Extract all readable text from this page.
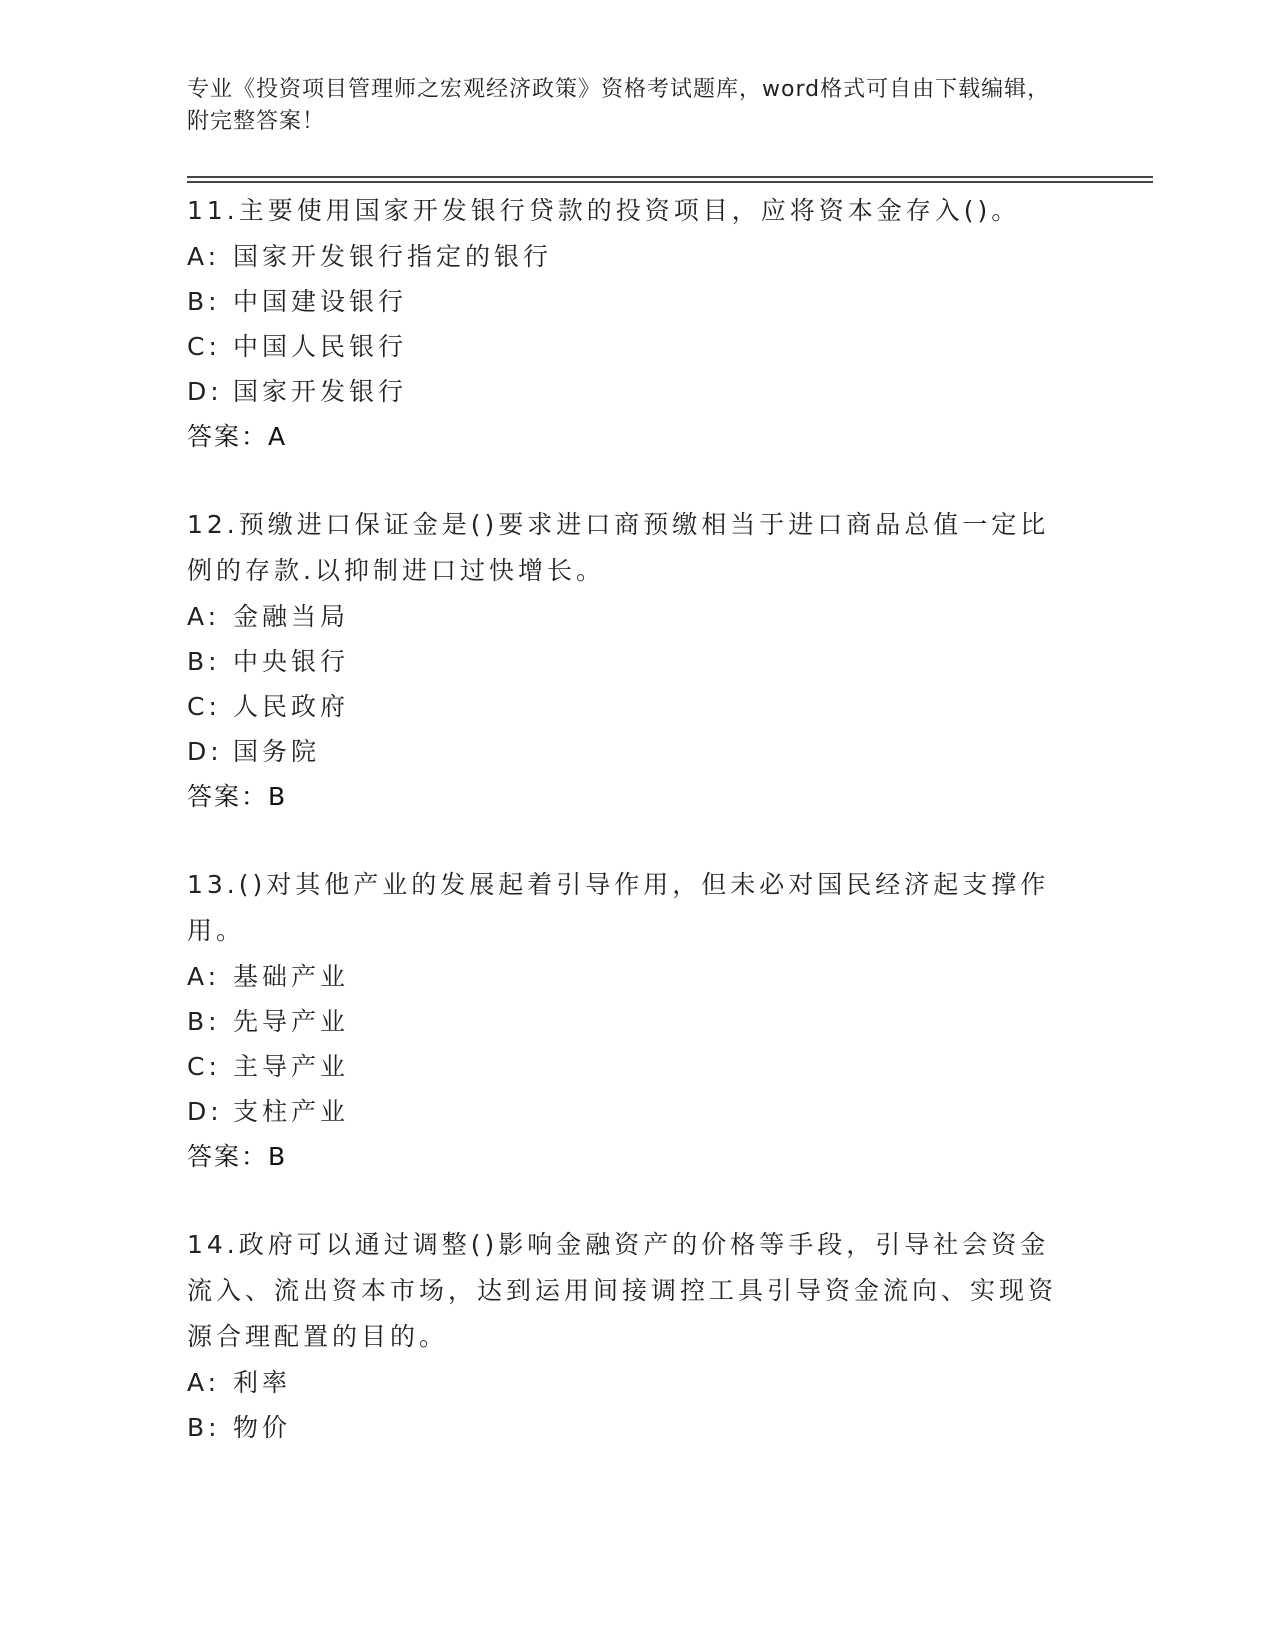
专业《投资项目管理师之宏观经济政策》资格考试题库，word格式可自由下载编辑，附完整答案！
11.主要使用国家开发银行贷款的投资项目，应将资本金存入()。
A: 国家开发银行指定的银行
B: 中国建设银行
C: 中国人民银行
D: 国家开发银行
答案：A
12.预缴进口保证金是()要求进口商预缴相当于进口商品总值一定比例的存款.以抑制进口过快增长。
A: 金融当局
B: 中央银行
C: 人民政府
D: 国务院
答案：B
13.()对其他产业的发展起着引导作用，但未必对国民经济起支撑作用。
A: 基础产业
B: 先导产业
C: 主导产业
D: 支柱产业
答案：B
14.政府可以通过调整()影响金融资产的价格等手段，引导社会资金流入、流出资本市场，达到运用间接调控工具引导资金流向、实现资源合理配置的目的。
A: 利率
B: 物价
